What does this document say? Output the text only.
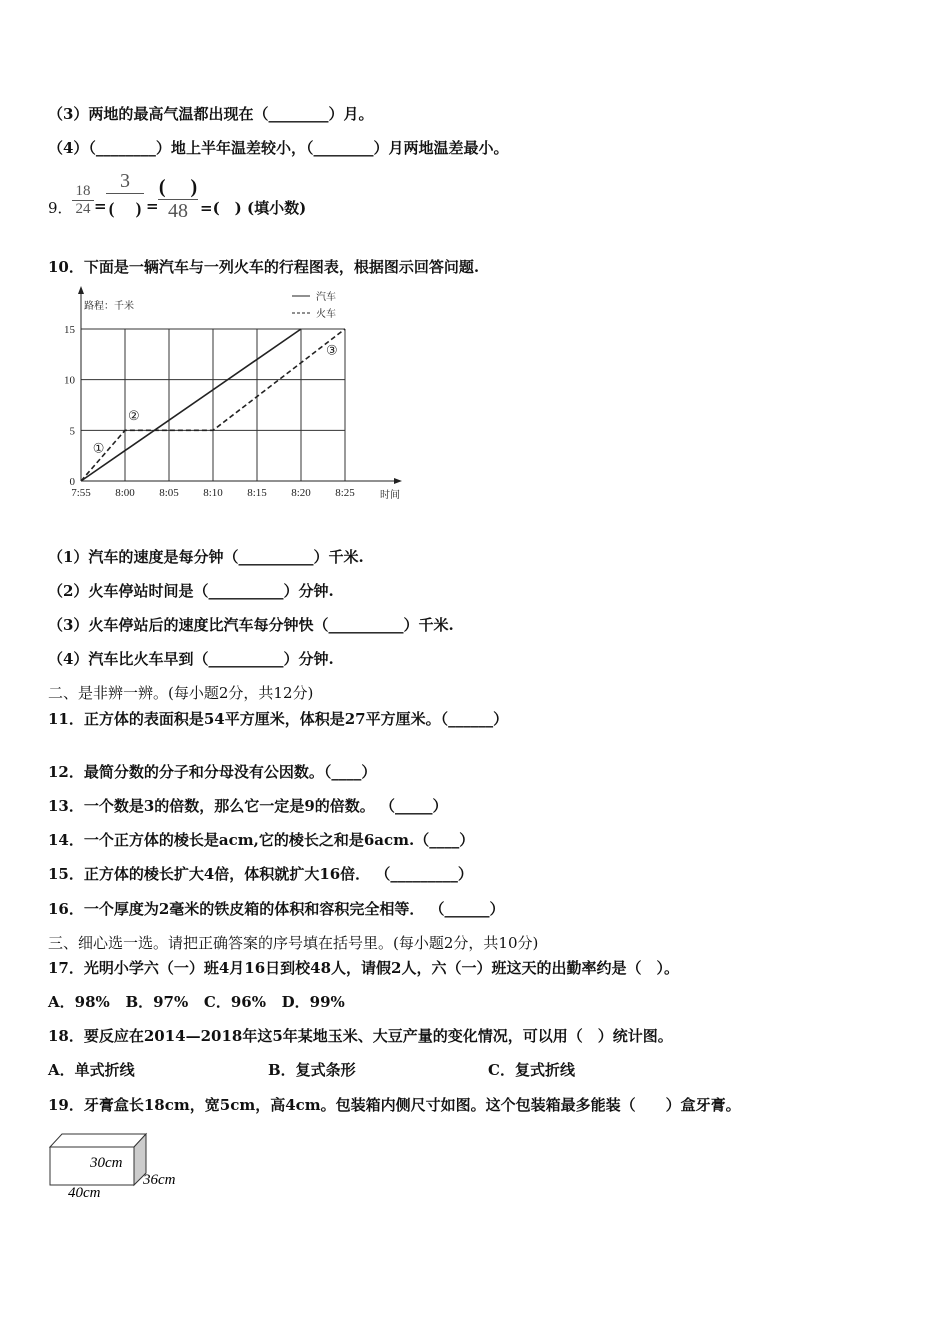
（3）两地的最高气温都出现在（________）月。
（4）（________）地上半年温差较小，（________）月两地温差最小。
9． $\frac{18}{24}$ =
3
(　 ) =
(　 )
48 =(　) (填小数)
10．下面是一辆汽车与一列火车的行程图表，根据图示回答问题.
7:55 8:00 8:05 8:10 8:15 8:20 8:25
0
5
10
15
路程：千米
时间
汽车
火车
①
②
③
（1）汽车的速度是每分钟（__________）千米.
（2）火车停站时间是（__________）分钟.
（3）火车停站后的速度比汽车每分钟快（__________）千米.
（4）汽车比火车早到（__________）分钟.
二、是非辨一辨。(每小题2分，共12分)
11．正方体的表面积是54平方厘米，体积是27平方厘米。（______）
12．最简分数的分子和分母没有公因数。（____）
13．一个数是3的倍数，那么它一定是9的倍数。 （_____）
14．一个正方体的棱长是acm,它的棱长之和是6acm.（____）
15．正方体的棱长扩大4倍，体积就扩大16倍． （_________）
16．一个厚度为2毫米的铁皮箱的体积和容积完全相等． （______）
三、细心选一选。请把正确答案的序号填在括号里。(每小题2分，共10分)
17．光明小学六（一）班4月16日到校48人，请假2人，六（一）班这天的出勤率约是（　）。
A．98% B．97% C．96% D．99%
18．要反应在2014—2018年这5年某地玉米、大豆产量的变化情况，可以用（　）统计图。
A．单式折线	B．复式条形	C．复式折线
19．牙膏盒长18cm，宽5cm，高4cm。包装箱内侧尺寸如图。这个包装箱最多能装（　　）盒牙膏。
30cm
36cm
40cm
